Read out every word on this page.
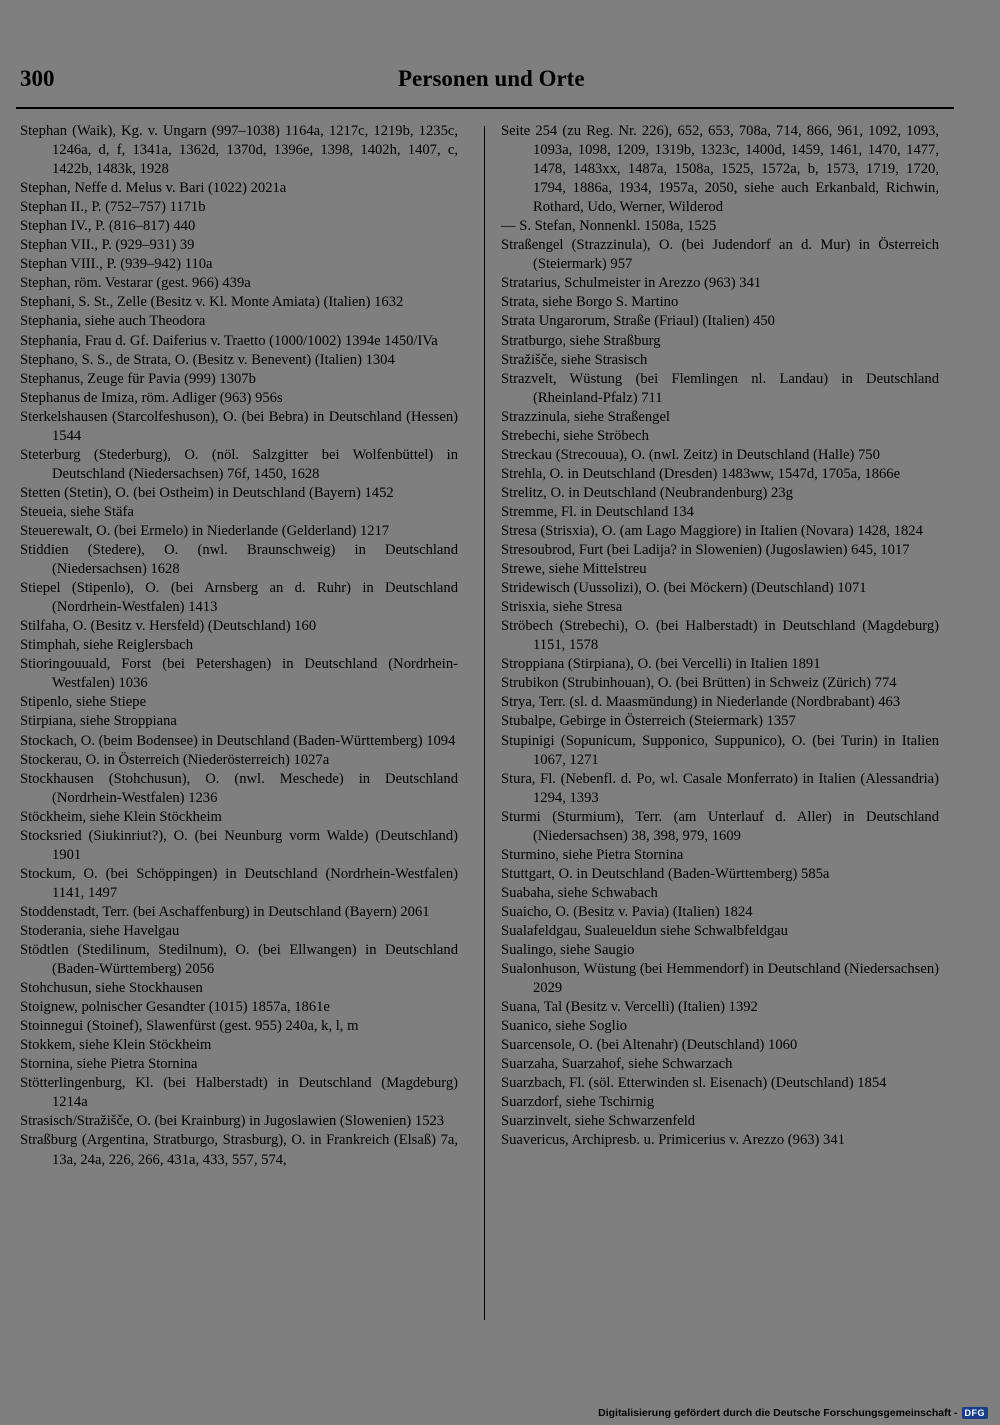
300	Personen und Orte

Stephan (Waik), Kg. v. Ungarn (997–1038) 1164a, 1217c, 1219b, 1235c, 1246a, d, f, 1341a, 1362d, 1370d, 1396e, 1398, 1402h, 1407, c, 1422b, 1483k, 1928

Stephan, Neffe d. Melus v. Bari (1022) 2021a

Stephan II., P. (752–757) 1171b

Stephan IV., P. (816–817) 440

Stephan VII., P. (929–931) 39

Stephan VIII., P. (939–942) 110a

Stephan, röm. Vestarar (gest. 966) 439a

Stephani, S. St., Zelle (Besitz v. Kl. Monte Amiata) (Italien) 1632

Stephania, siehe auch Theodora

Stephania, Frau d. Gf. Daiferius v. Traetto (1000/1002) 1394e 1450/IVa

Stephano, S. S., de Strata, O. (Besitz v. Benevent) (Italien) 1304

Stephanus, Zeuge für Pavia (999) 1307b

Stephanus de Imiza, röm. Adliger (963) 956s

Sterkelshausen (Starcolfeshuson), O. (bei Bebra) in Deutschland (Hessen) 1544

Steterburg (Stederburg), O. (nöl. Salzgitter bei Wolfenbüttel) in Deutschland (Niedersachsen) 76f, 1450, 1628

Stetten (Stetin), O. (bei Ostheim) in Deutschland (Bayern) 1452

Steueia, siehe Stäfa

Steuerewalt, O. (bei Ermelo) in Niederlande (Gelderland) 1217

Stiddien (Stedere), O. (nwl. Braunschweig) in Deutschland (Niedersachsen) 1628

Stiepel (Stipenlo), O. (bei Arnsberg an d. Ruhr) in Deutschland (Nordrhein-Westfalen) 1413

Stilfaha, O. (Besitz v. Hersfeld) (Deutschland) 160

Stimphah, siehe Reiglersbach

Stioringouuald, Forst (bei Petershagen) in Deutschland (Nordrhein-Westfalen) 1036

Stipenlo, siehe Stiepe

Stirpiana, siehe Stroppiana

Stockach, O. (beim Bodensee) in Deutschland (Baden-Württemberg) 1094

Stockerau, O. in Österreich (Niederösterreich) 1027a

Stockhausen (Stohchusun), O. (nwl. Meschede) in Deutschland (Nordrhein-Westfalen) 1236

Stöckheim, siehe Klein Stöckheim

Stocksried (Siukinriut?), O. (bei Neunburg vorm Walde) (Deutschland) 1901

Stockum, O. (bei Schöppingen) in Deutschland (Nordrhein-Westfalen) 1141, 1497

Stoddenstadt, Terr. (bei Aschaffenburg) in Deutschland (Bayern) 2061

Stoderania, siehe Havelgau

Stödtlen (Stedilinum, Stedilnum), O. (bei Ellwangen) in Deutschland (Baden-Württemberg) 2056

Stohchusun, siehe Stockhausen

Stoignew, polnischer Gesandter (1015) 1857a, 1861e

Stoinnegui (Stoinef), Slawenfürst (gest. 955) 240a, k, l, m

Stokkem, siehe Klein Stöckheim

Stornina, siehe Pietra Stornina

Stötterlingenburg, Kl. (bei Halberstadt) in Deutschland (Magdeburg) 1214a

Strasisch/Stražišče, O. (bei Krainburg) in Jugoslawien (Slowenien) 1523

Straßburg (Argentina, Stratburgo, Strasburg), O. in Frankreich (Elsaß) 7a, 13a, 24a, 226, 266, 431a, 433, 557, 574,

Seite 254 (zu Reg. Nr. 226), 652, 653, 708a, 714, 866, 961, 1092, 1093, 1093a, 1098, 1209, 1319b, 1323c, 1400d, 1459, 1461, 1470, 1477, 1478, 1483xx, 1487a, 1508a, 1525, 1572a, b, 1573, 1719, 1720, 1794, 1886a, 1934, 1957a, 2050, siehe auch Erkanbald, Richwin, Rothard, Udo, Werner, Wilderod

— S. Stefan, Nonnenkl. 1508a, 1525

Straßengel (Strazzinula), O. (bei Judendorf an d. Mur) in Österreich (Steiermark) 957

Stratarius, Schulmeister in Arezzo (963) 341

Strata, siehe Borgo S. Martino

Strata Ungarorum, Straße (Friaul) (Italien) 450

Stratburgo, siehe Straßburg

Stražišče, siehe Strasisch

Strazvelt, Wüstung (bei Flemlingen nl. Landau) in Deutschland (Rheinland-Pfalz) 711

Strazzinula, siehe Straßengel

Strebechi, siehe Ströbech

Streckau (Strecouua), O. (nwl. Zeitz) in Deutschland (Halle) 750

Strehla, O. in Deutschland (Dresden) 1483ww, 1547d, 1705a, 1866e

Strelitz, O. in Deutschland (Neubrandenburg) 23g

Stremme, Fl. in Deutschland 134

Stresa (Strisxia), O. (am Lago Maggiore) in Italien (Novara) 1428, 1824

Stresoubrod, Furt (bei Ladija? in Slowenien) (Jugoslawien) 645, 1017

Strewe, siehe Mittelstreu

Stridewisch (Uussolizi), O. (bei Möckern) (Deutschland) 1071

Strisxia, siehe Stresa

Ströbech (Strebechi), O. (bei Halberstadt) in Deutschland (Magdeburg) 1151, 1578

Stroppiana (Stirpiana), O. (bei Vercelli) in Italien 1891

Strubikon (Strubinhouan), O. (bei Brütten) in Schweiz (Zürich) 774

Strya, Terr. (sl. d. Maasmündung) in Niederlande (Nordbrabant) 463

Stubalpe, Gebirge in Österreich (Steiermark) 1357

Stupinigi (Sopunicum, Supponico, Suppunico), O. (bei Turin) in Italien 1067, 1271

Stura, Fl. (Nebenfl. d. Po, wl. Casale Monferrato) in Italien (Alessandria) 1294, 1393

Sturmi (Sturmium), Terr. (am Unterlauf d. Aller) in Deutschland (Niedersachsen) 38, 398, 979, 1609

Sturmino, siehe Pietra Stornina

Stuttgart, O. in Deutschland (Baden-Württemberg) 585a

Suabaha, siehe Schwabach

Suaicho, O. (Besitz v. Pavia) (Italien) 1824

Sualafeldgau, Sualeueldun siehe Schwalbfeldgau

Sualingo, siehe Saugio

Sualonhuson, Wüstung (bei Hemmendorf) in Deutschland (Niedersachsen) 2029

Suana, Tal (Besitz v. Vercelli) (Italien) 1392

Suanico, siehe Soglio

Suarcensole, O. (bei Altenahr) (Deutschland) 1060

Suarzaha, Suarzahof, siehe Schwarzach

Suarzbach, Fl. (söl. Etterwinden sl. Eisenach) (Deutschland) 1854

Suarzdorf, siehe Tschirnig

Suarzinvelt, siehe Schwarzenfeld

Suavericus, Archipresb. u. Primicerius v. Arezzo (963) 341

Digitalisierung gefördert durch die Deutsche Forschungsgemeinschaft - DFG
